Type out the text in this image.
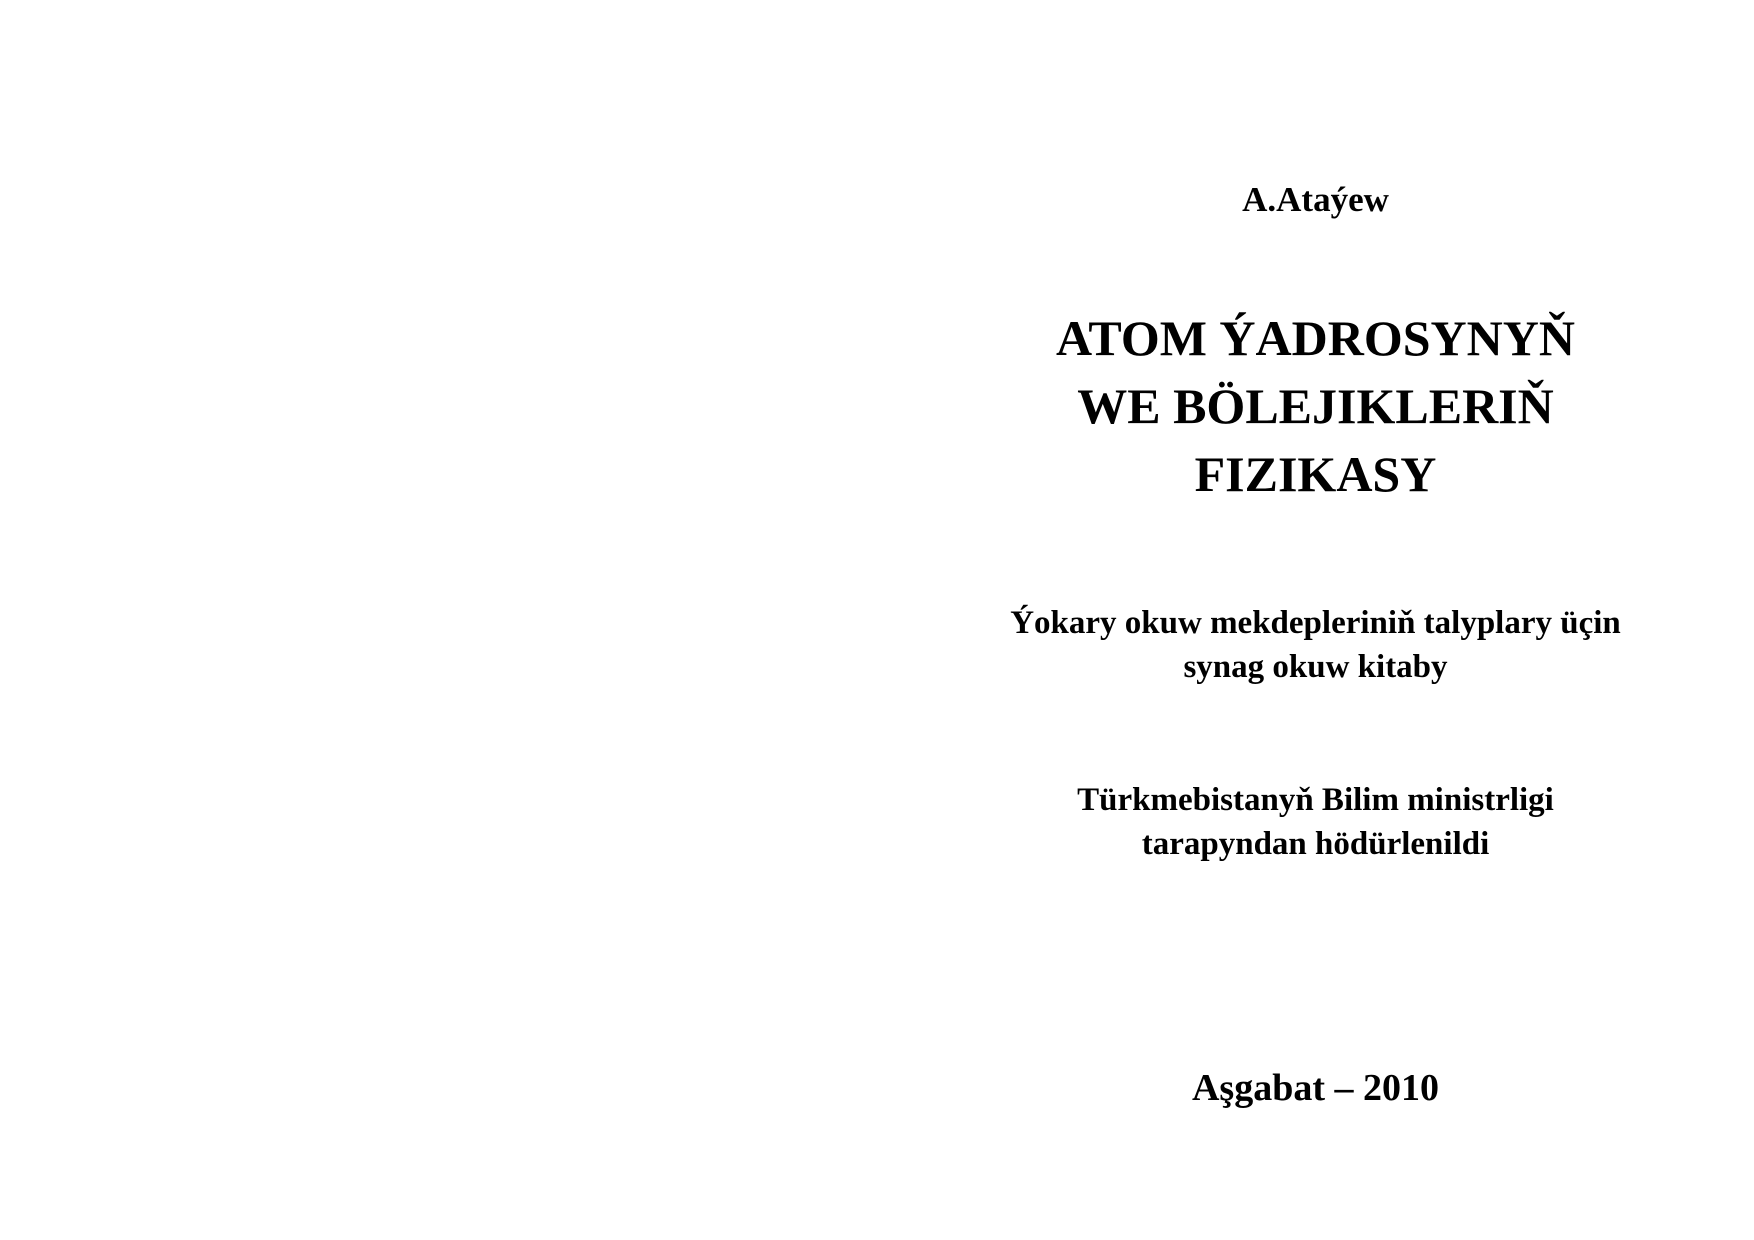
A.Ataýew

ATOM ÝADROSYNYŇ

WE BÖLEJIKLERIŇ

FIZIKASY

Ýokary okuw mekdepleriniň talyplary üçin

synag okuw kitaby

Türkmebistanyň Bilim ministrligi

tarapyndan hödürlenildi

Aşgabat – 2010
